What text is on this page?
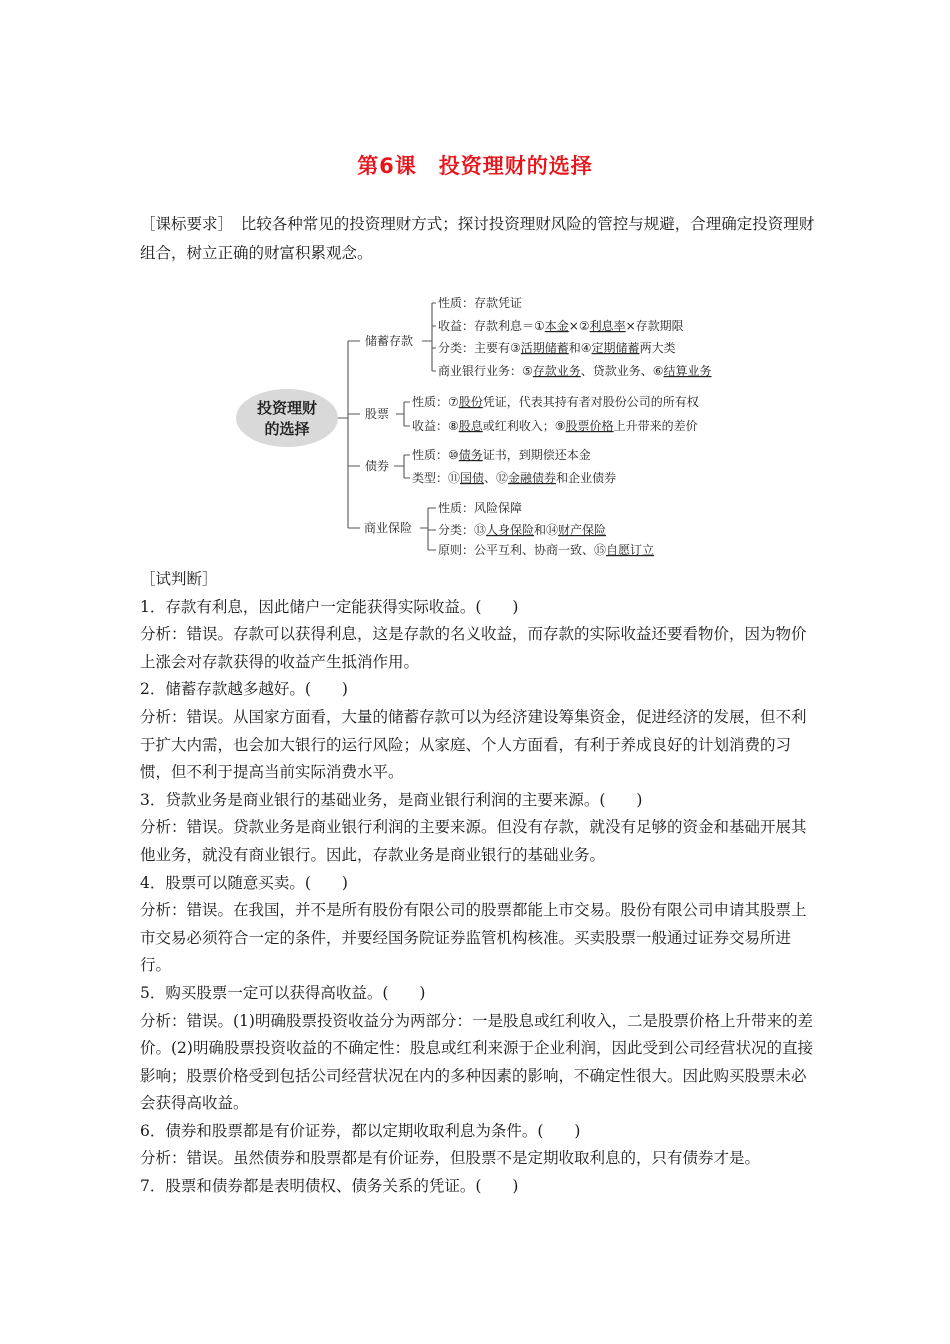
第6课　投资理财的选择
［课标要求］　比较各种常见的投资理财方式；探讨投资理财风险的管控与规避，合理确定投资理财组合，树立正确的财富积累观念。
投资理财
的选择
储蓄存款
股票
债券
商业保险
性质：存款凭证
收益：存款利息＝①本金×②利息率×存款期限
分类：主要有③活期储蓄和④定期储蓄两大类
商业银行业务：⑤存款业务、贷款业务、⑥结算业务
性质：⑦股份凭证，代表其持有者对股份公司的所有权
收益：⑧股息或红利收入；⑨股票价格上升带来的差价
性质：⑩债务证书，到期偿还本金
类型：⑪国债、⑫金融债券和企业债券
性质：风险保障
分类：⑬人身保险和⑭财产保险
原则：公平互利、协商一致、⑮自愿订立

［试判断］

1．存款有利息，因此储户一定能获得实际收益。(　　)

分析：错误。存款可以获得利息，这是存款的名义收益，而存款的实际收益还要看物价，因为物价上涨会对存款获得的收益产生抵消作用。

2．储蓄存款越多越好。(　　)

分析：错误。从国家方面看，大量的储蓄存款可以为经济建设筹集资金，促进经济的发展，但不利于扩大内需，也会加大银行的运行风险；从家庭、个人方面看，有利于养成良好的计划消费的习惯，但不利于提高当前实际消费水平。

3．贷款业务是商业银行的基础业务，是商业银行利润的主要来源。(　　)

分析：错误。贷款业务是商业银行利润的主要来源。但没有存款，就没有足够的资金和基础开展其他业务，就没有商业银行。因此，存款业务是商业银行的基础业务。

4．股票可以随意买卖。(　　)

分析：错误。在我国，并不是所有股份有限公司的股票都能上市交易。股份有限公司申请其股票上市交易必须符合一定的条件，并要经国务院证券监管机构核准。买卖股票一般通过证券交易所进行。

5．购买股票一定可以获得高收益。(　　)

分析：错误。(1)明确股票投资收益分为两部分：一是股息或红利收入，二是股票价格上升带来的差价。(2)明确股票投资收益的不确定性：股息或红利来源于企业利润，因此受到公司经营状况的直接影响；股票价格受到包括公司经营状况在内的多种因素的影响，不确定性很大。因此购买股票未必会获得高收益。

6．债券和股票都是有价证券，都以定期收取利息为条件。(　　)

分析：错误。虽然债券和股票都是有价证券，但股票不是定期收取利息的，只有债券才是。

7．股票和债券都是表明债权、债务关系的凭证。(　　)
